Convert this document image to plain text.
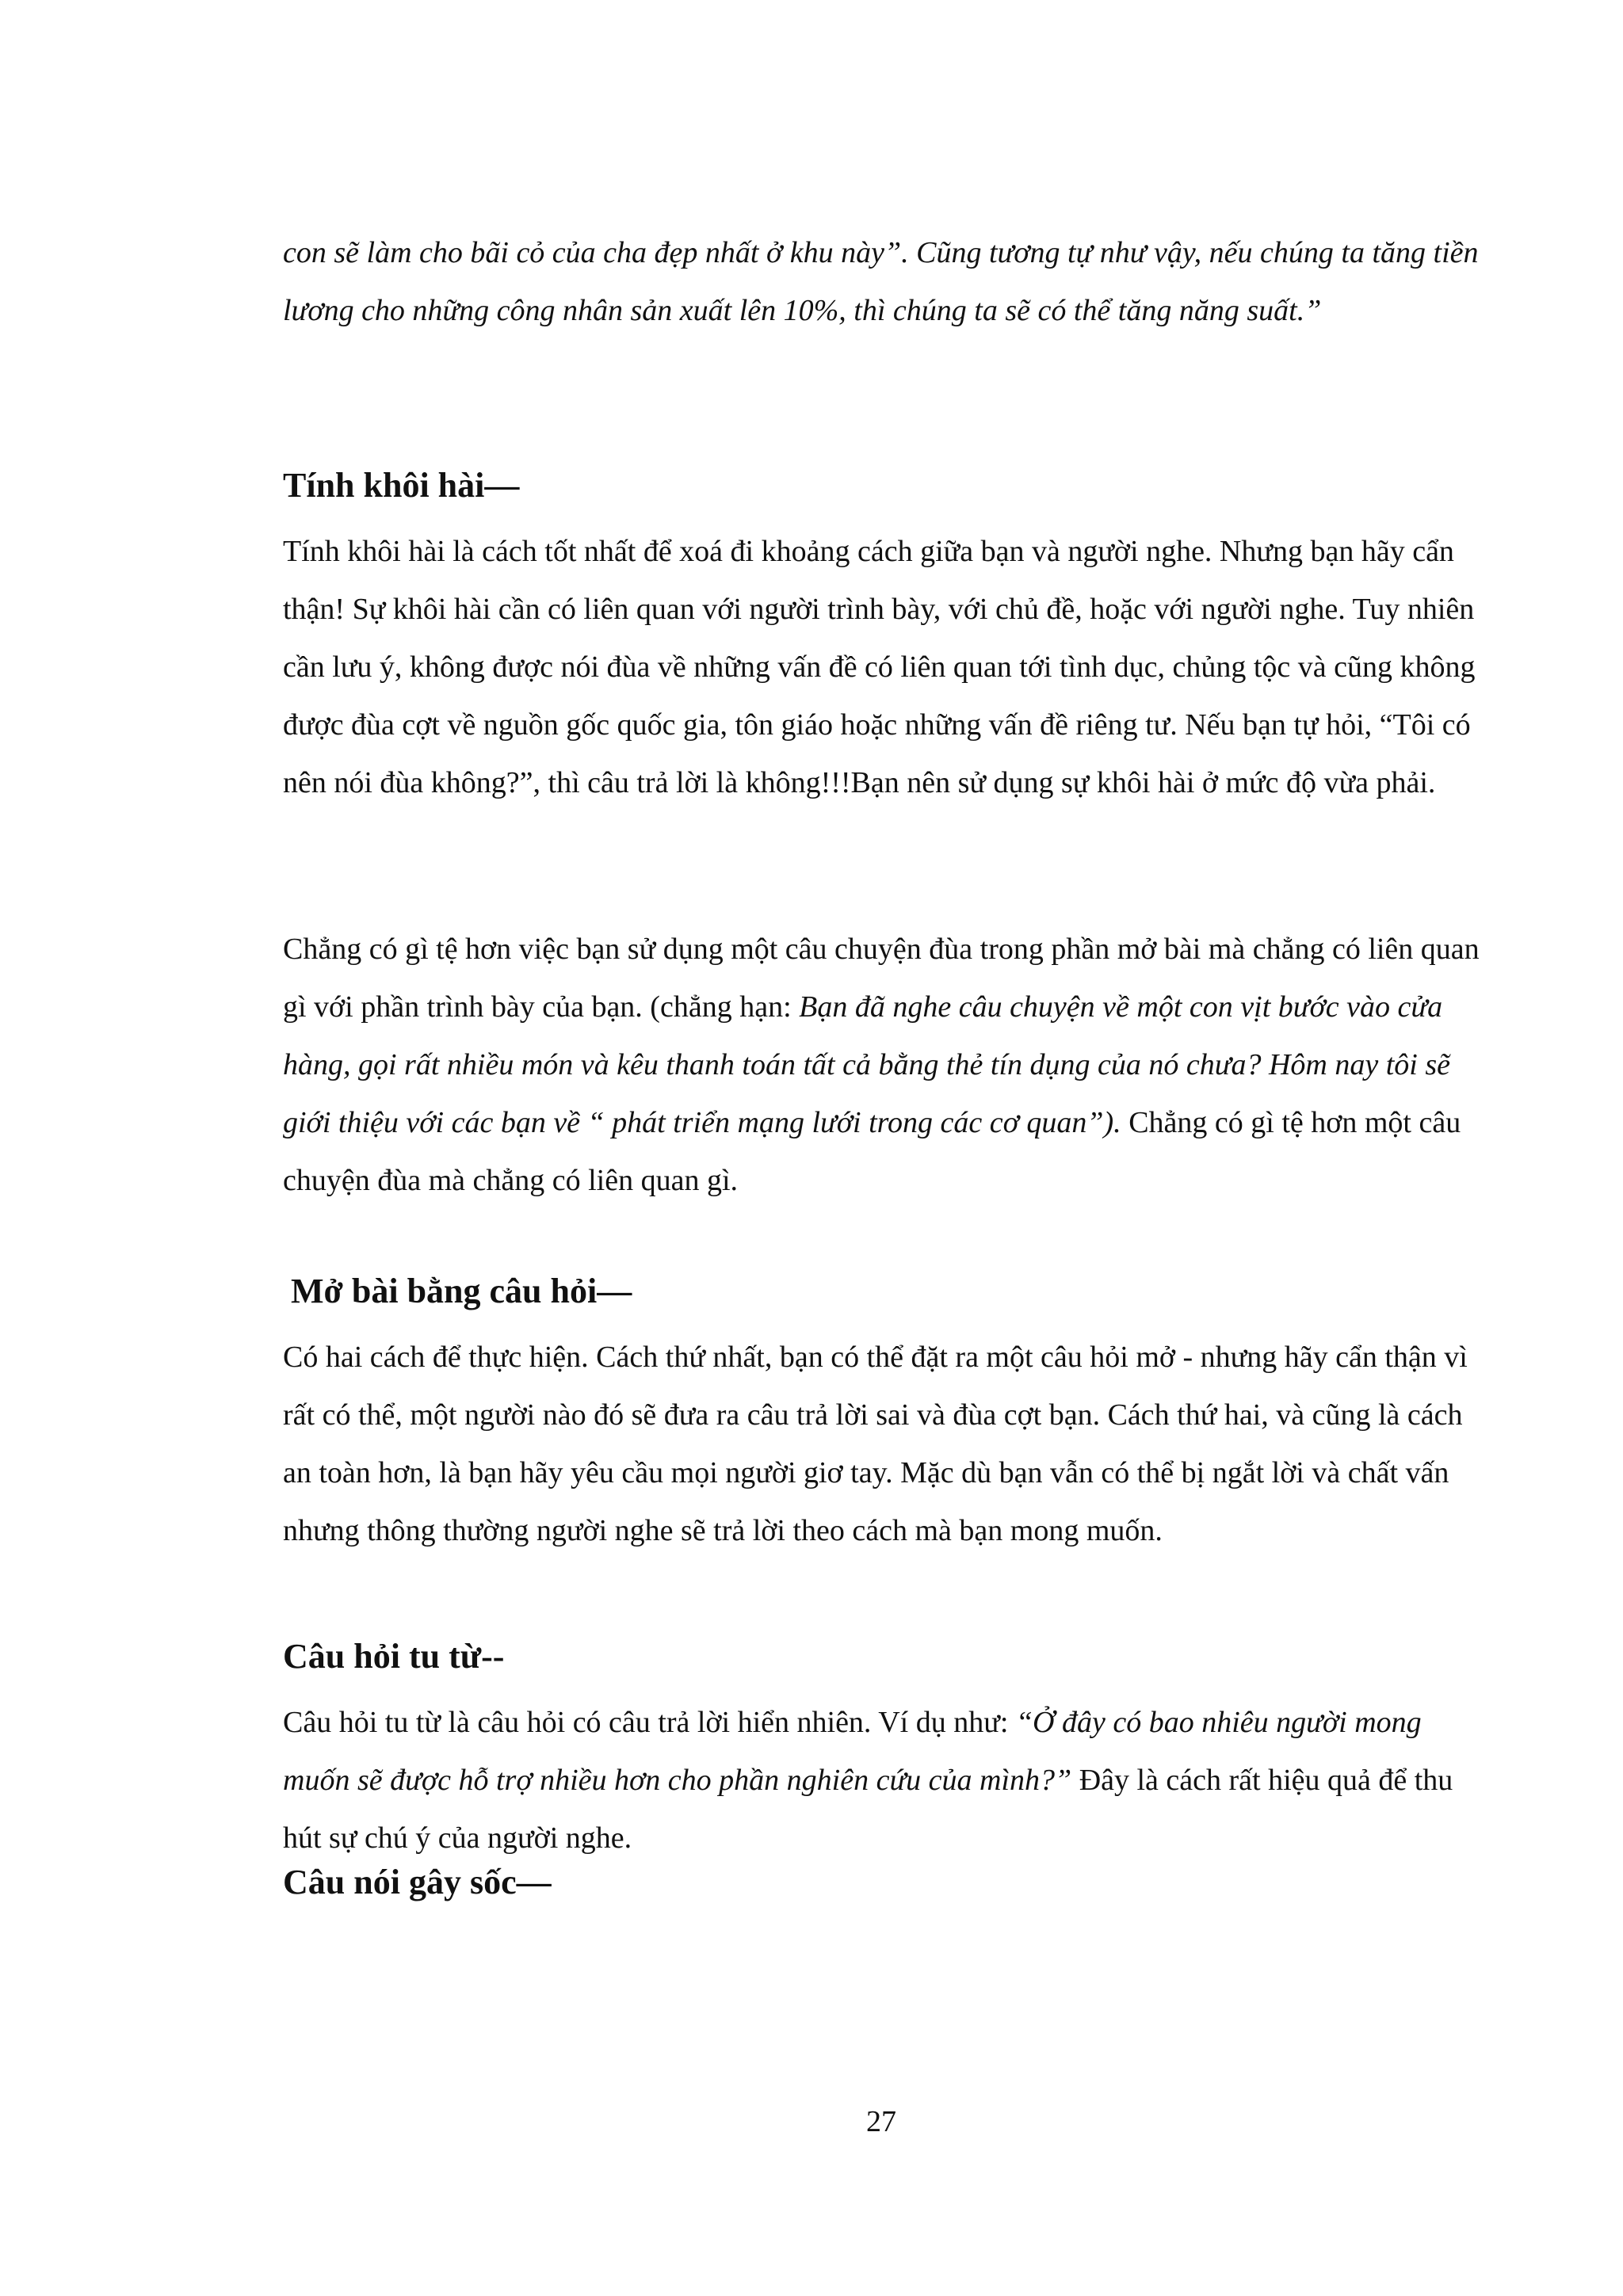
con sẽ làm cho bãi cỏ của cha đẹp nhất ở khu này”. Cũng tương tự như vậy, nếu chúng ta tăng tiền lương cho những công nhân sản xuất lên 10%, thì chúng ta sẽ có thể tăng năng suất.”

Tính khôi hài—

Tính khôi hài là cách tốt nhất để xoá đi khoảng cách giữa bạn và người nghe. Nhưng bạn hãy cẩn thận! Sự khôi hài cần có liên quan với người trình bày, với chủ đề, hoặc với người nghe. Tuy nhiên cần lưu ý, không được nói đùa về những vấn đề có liên quan tới tình dục, chủng tộc và cũng không được đùa cợt về nguồn gốc quốc gia, tôn giáo hoặc những vấn đề riêng tư. Nếu bạn tự hỏi, “Tôi có nên nói đùa không?”, thì câu trả lời là không!!!Bạn nên sử dụng sự khôi hài ở mức độ vừa phải.

Chẳng có gì tệ hơn việc bạn sử dụng một câu chuyện đùa trong phần mở bài mà chẳng có liên quan gì với phần trình bày của bạn. (chẳng hạn: Bạn đã nghe câu chuyện về một con vịt bước vào cửa hàng, gọi rất nhiều món và kêu thanh toán tất cả bằng thẻ tín dụng của nó chưa? Hôm nay tôi sẽ giới thiệu với các bạn về “ phát triển mạng lưới trong các cơ quan”). Chẳng có gì tệ hơn một câu chuyện đùa mà chẳng có liên quan gì.

Mở bài bằng câu hỏi—

Có hai cách để thực hiện. Cách thứ nhất, bạn có thể đặt ra một câu hỏi mở - nhưng hãy cẩn thận vì rất có thể, một người nào đó sẽ đưa ra câu trả lời sai và đùa cợt bạn. Cách thứ hai, và cũng là cách an toàn hơn, là bạn hãy yêu cầu mọi người giơ tay. Mặc dù bạn vẫn có thể bị ngắt lời và chất vấn nhưng thông thường người nghe sẽ trả lời theo cách mà bạn mong muốn.

Câu hỏi tu từ--

Câu hỏi tu từ là câu hỏi có câu trả lời hiển nhiên. Ví dụ như: “Ở đây có bao nhiêu người mong muốn sẽ được hỗ trợ nhiều hơn cho phần nghiên cứu của mình?” Đây là cách rất hiệu quả để thu hút sự chú ý của người nghe.

Câu nói gây sốc—
27
